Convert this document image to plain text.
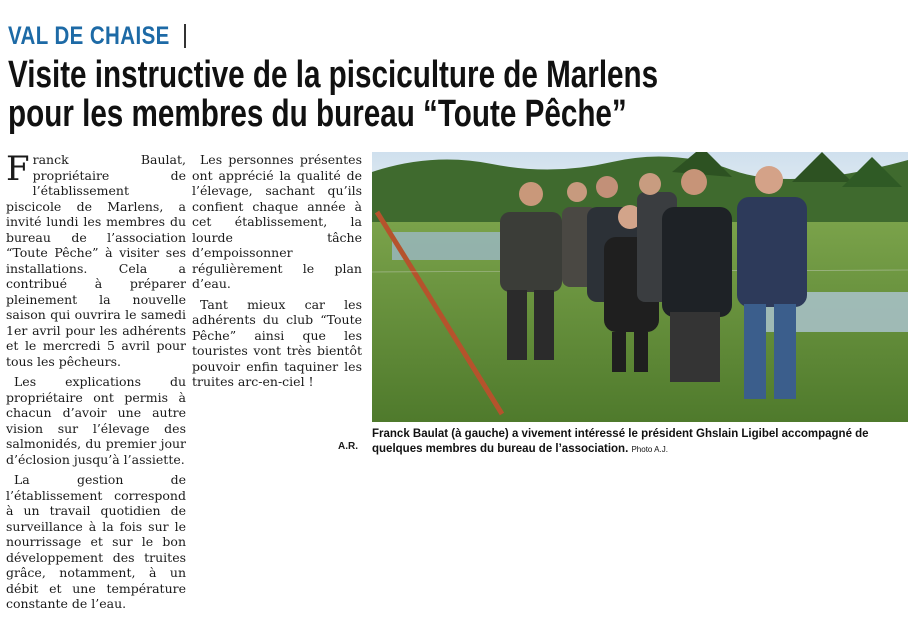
VAL DE CHAISE
Visite instructive de la pisciculture de Marlens
pour les membres du bureau “Toute Pêche”

Franck Baulat, propriétaire de l’établissement piscicole de Marlens, a invité lundi les membres du bureau de l’association “Toute Pêche” à visiter ses installations. Cela a contribué à préparer pleinement la nouvelle saison qui ouvrira le samedi 1er avril pour les adhérents et le mercredi 5 avril pour tous les pêcheurs.

Les explications du propriétaire ont permis à chacun d’avoir une autre vision sur l’élevage des salmonidés, du premier jour d’éclosion jusqu’à l’assiette.

La gestion de l’établissement correspond à un travail quotidien de surveillance à la fois sur le nourrissage et sur le bon développement des truites grâce, notamment, à un débit et une température constante de l’eau.

Les personnes présentes ont apprécié la qualité de l’élevage, sachant qu’ils confient chaque année à cet établissement, la lourde tâche d’empoissonner régulièrement le plan d’eau.

Tant mieux car les adhérents du club “Toute Pêche” ainsi que les touristes vont très bientôt pouvoir enfin taquiner les truites arc-en-ciel !

A.R.
Franck Baulat (à gauche) a vivement intéressé le président Ghslain Ligibel accompagné de quelques membres du bureau de l’association. Photo A.J.
